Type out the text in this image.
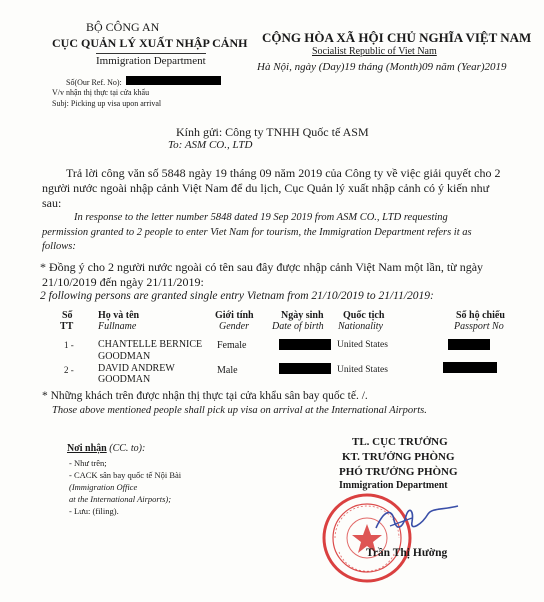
BỘ CÔNG AN
CỤC QUẢN LÝ XUẤT NHẬP CẢNH
Immigration Department
Số(Our Ref. No):
V/v nhận thị thực tại cửa khẩu
Subj: Picking up visa upon arrival
CỘNG HÒA XÃ HỘI CHỦ NGHĨA VIỆT NAM
Socialist Republic of Viet Nam
Hà Nội, ngày (Day)19 tháng (Month)09 năm (Year)2019
Kính gửi: Công ty TNHH Quốc tế ASM
To: ASM CO., LTD
Trả lời công văn số 5848 ngày 19 tháng 09 năm 2019 của Công ty về việc giải quyết cho 2
người nước ngoài nhập cảnh Việt Nam để du lịch, Cục Quản lý xuất nhập cảnh có ý kiến như
sau:
In response to the letter number 5848 dated 19 Sep 2019 from ASM CO., LTD requesting
permission granted to 2 people to enter Viet Nam for tourism, the Immigration Department refers it as
follows:
* Đồng ý cho 2 người nước ngoài có tên sau đây được nhập cảnh Việt Nam một lần, từ ngày
21/10/2019 đến ngày 21/11/2019:
2 following persons are granted single entry Vietnam from 21/10/2019 to 21/11/2019:
Số
TT
Họ và tên
Fullname
Giới tính
Gender
Ngày sinh
Date of birth
Quốc tịch
Nationality
Số hộ chiếu
Passport No
1 - CHANTELLE BERNICE
GOODMAN
Female	United States
2 - DAVID ANDREW
GOODMAN
Male	United States
* Những khách trên được nhận thị thực tại cửa khẩu sân bay quốc tế. /.
Those above mentioned people shall pick up visa on arrival at the International Airports.
Nơi nhận (CC. to):
- Như trên;
- CACK sân bay quốc tế Nội Bài
(Immigration Office
at the International Airports);
- Lưu: (filing).
TL. CỤC TRƯỞNG
KT. TRƯỞNG PHÒNG
PHÓ TRƯỞNG PHÒNG
Immigration Department
Trần Thị Hường
